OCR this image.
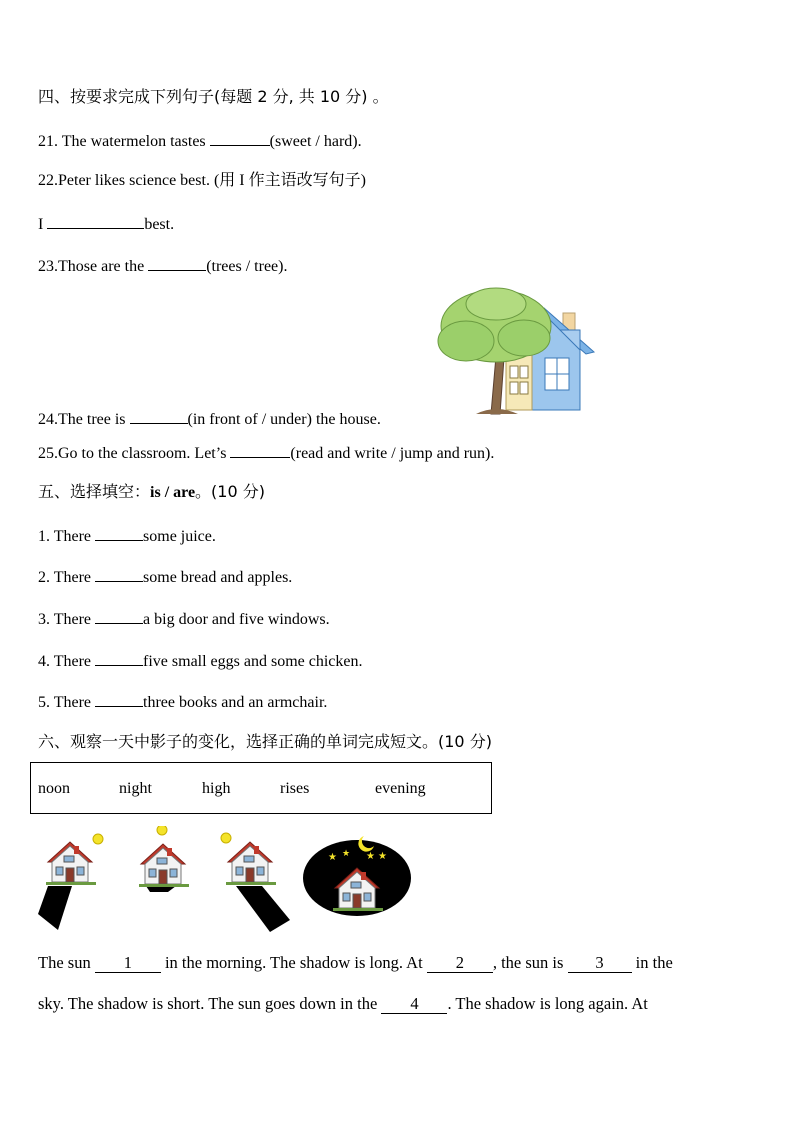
四、按要求完成下列句子(每题 2 分, 共 10 分) 。
21. The watermelon tastes	(sweet / hard).
22.Peter likes science best. (用 I 作主语改写句子)
I	best.
23.Those are the	(trees / tree).
24.The tree is	(in front of / under) the house.
25.Go to the classroom. Let’s	(read and write / jump and run).
五、选择填空：is / are。(10 分)
1. There	some juice.
2. There	some bread and apples.
3. There	a big door and five windows.
4. There	five small eggs and some chicken.
5. There	three books and an armchair.
六、观察一天中影子的变化，选择正确的单词完成短文。(10 分)
noon	night	high	rises	evening
★ ★ ★ ★
The sun 1 in the morning. The shadow is long. At 2 , the sun is 3 in the
sky. The shadow is short. The sun goes down in the 4 . The shadow is long again. At
